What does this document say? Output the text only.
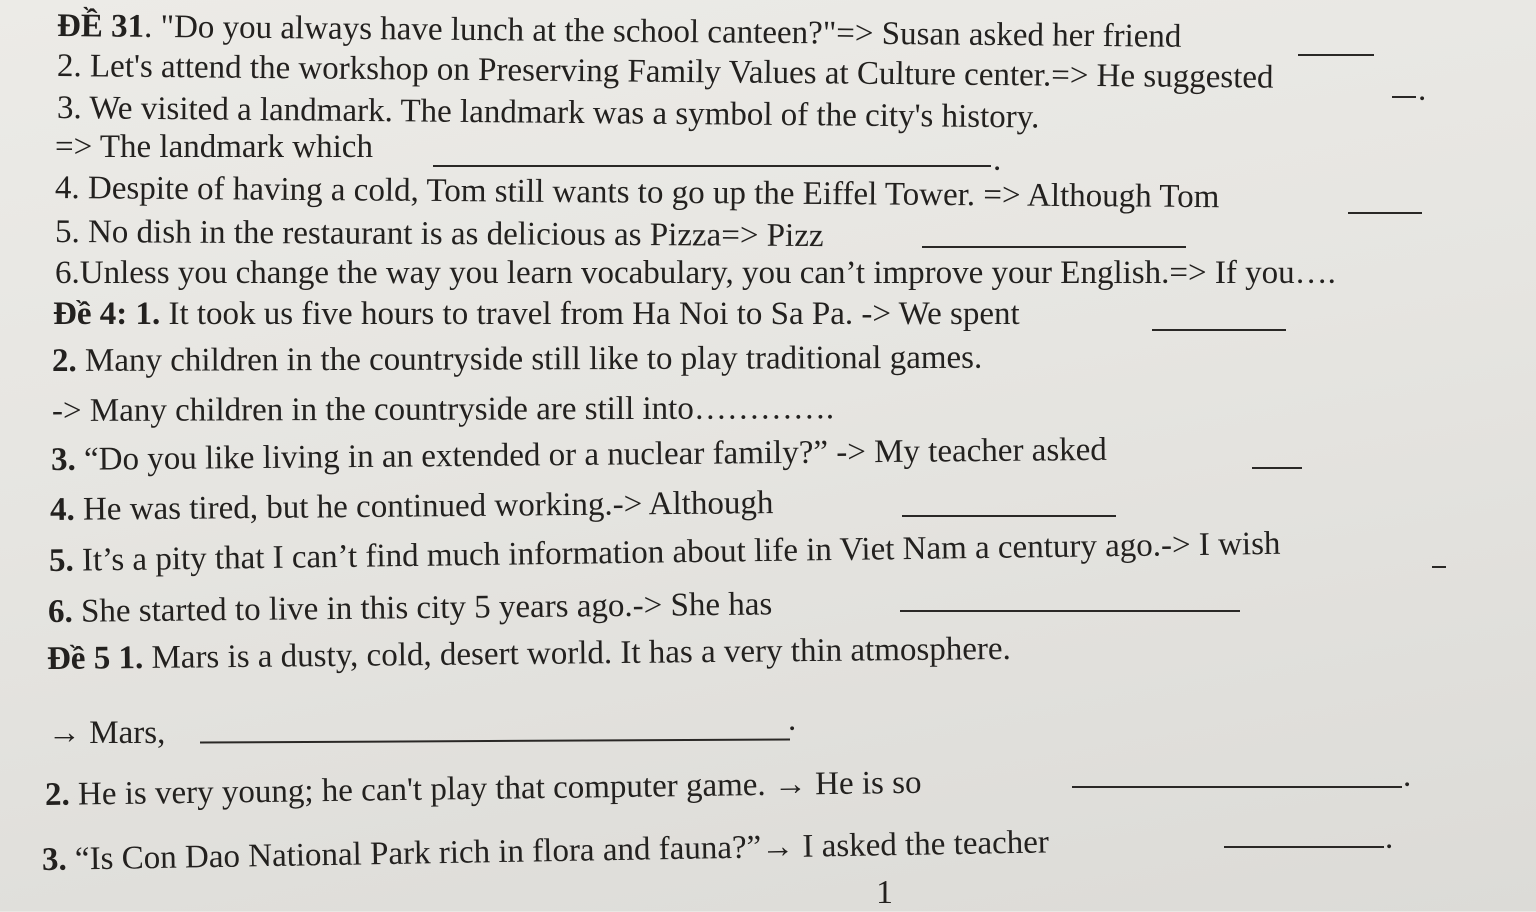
ĐỀ 31. "Do you always have lunch at the school canteen?"=> Susan asked her friend
2. Let's attend the workshop on Preserving Family Values at Culture center.=> He suggested	.
3. We visited a landmark. The landmark was a symbol of the city's history.
=> The landmark which	.
4. Despite of having a cold, Tom still wants to go up the Eiffel Tower. => Although Tom
5. No dish in the restaurant is as delicious as Pizza=> Pizz
6.Unless you change the way you learn vocabulary, you can’t improve your English.=> If you….
Đề 4: 1. It took us five hours to travel from Ha Noi to Sa Pa. -> We spent
2. Many children in the countryside still like to play traditional games.
-> Many children in the countryside are still into………….
3. “Do you like living in an extended or a nuclear family?” -> My teacher asked
4. He was tired, but he continued working.-> Although
5. It’s a pity that I can’t find much information about life in Viet Nam a century ago.-> I wish
6. She started to live in this city 5 years ago.-> She has
Đề 5 1. Mars is a dusty, cold, desert world. It has a very thin atmosphere.
→ Mars,	.
2. He is very young; he can't play that computer game. → He is so	.
3. “Is Con Dao National Park rich in flora and fauna?”→ I asked the teacher	.
1
